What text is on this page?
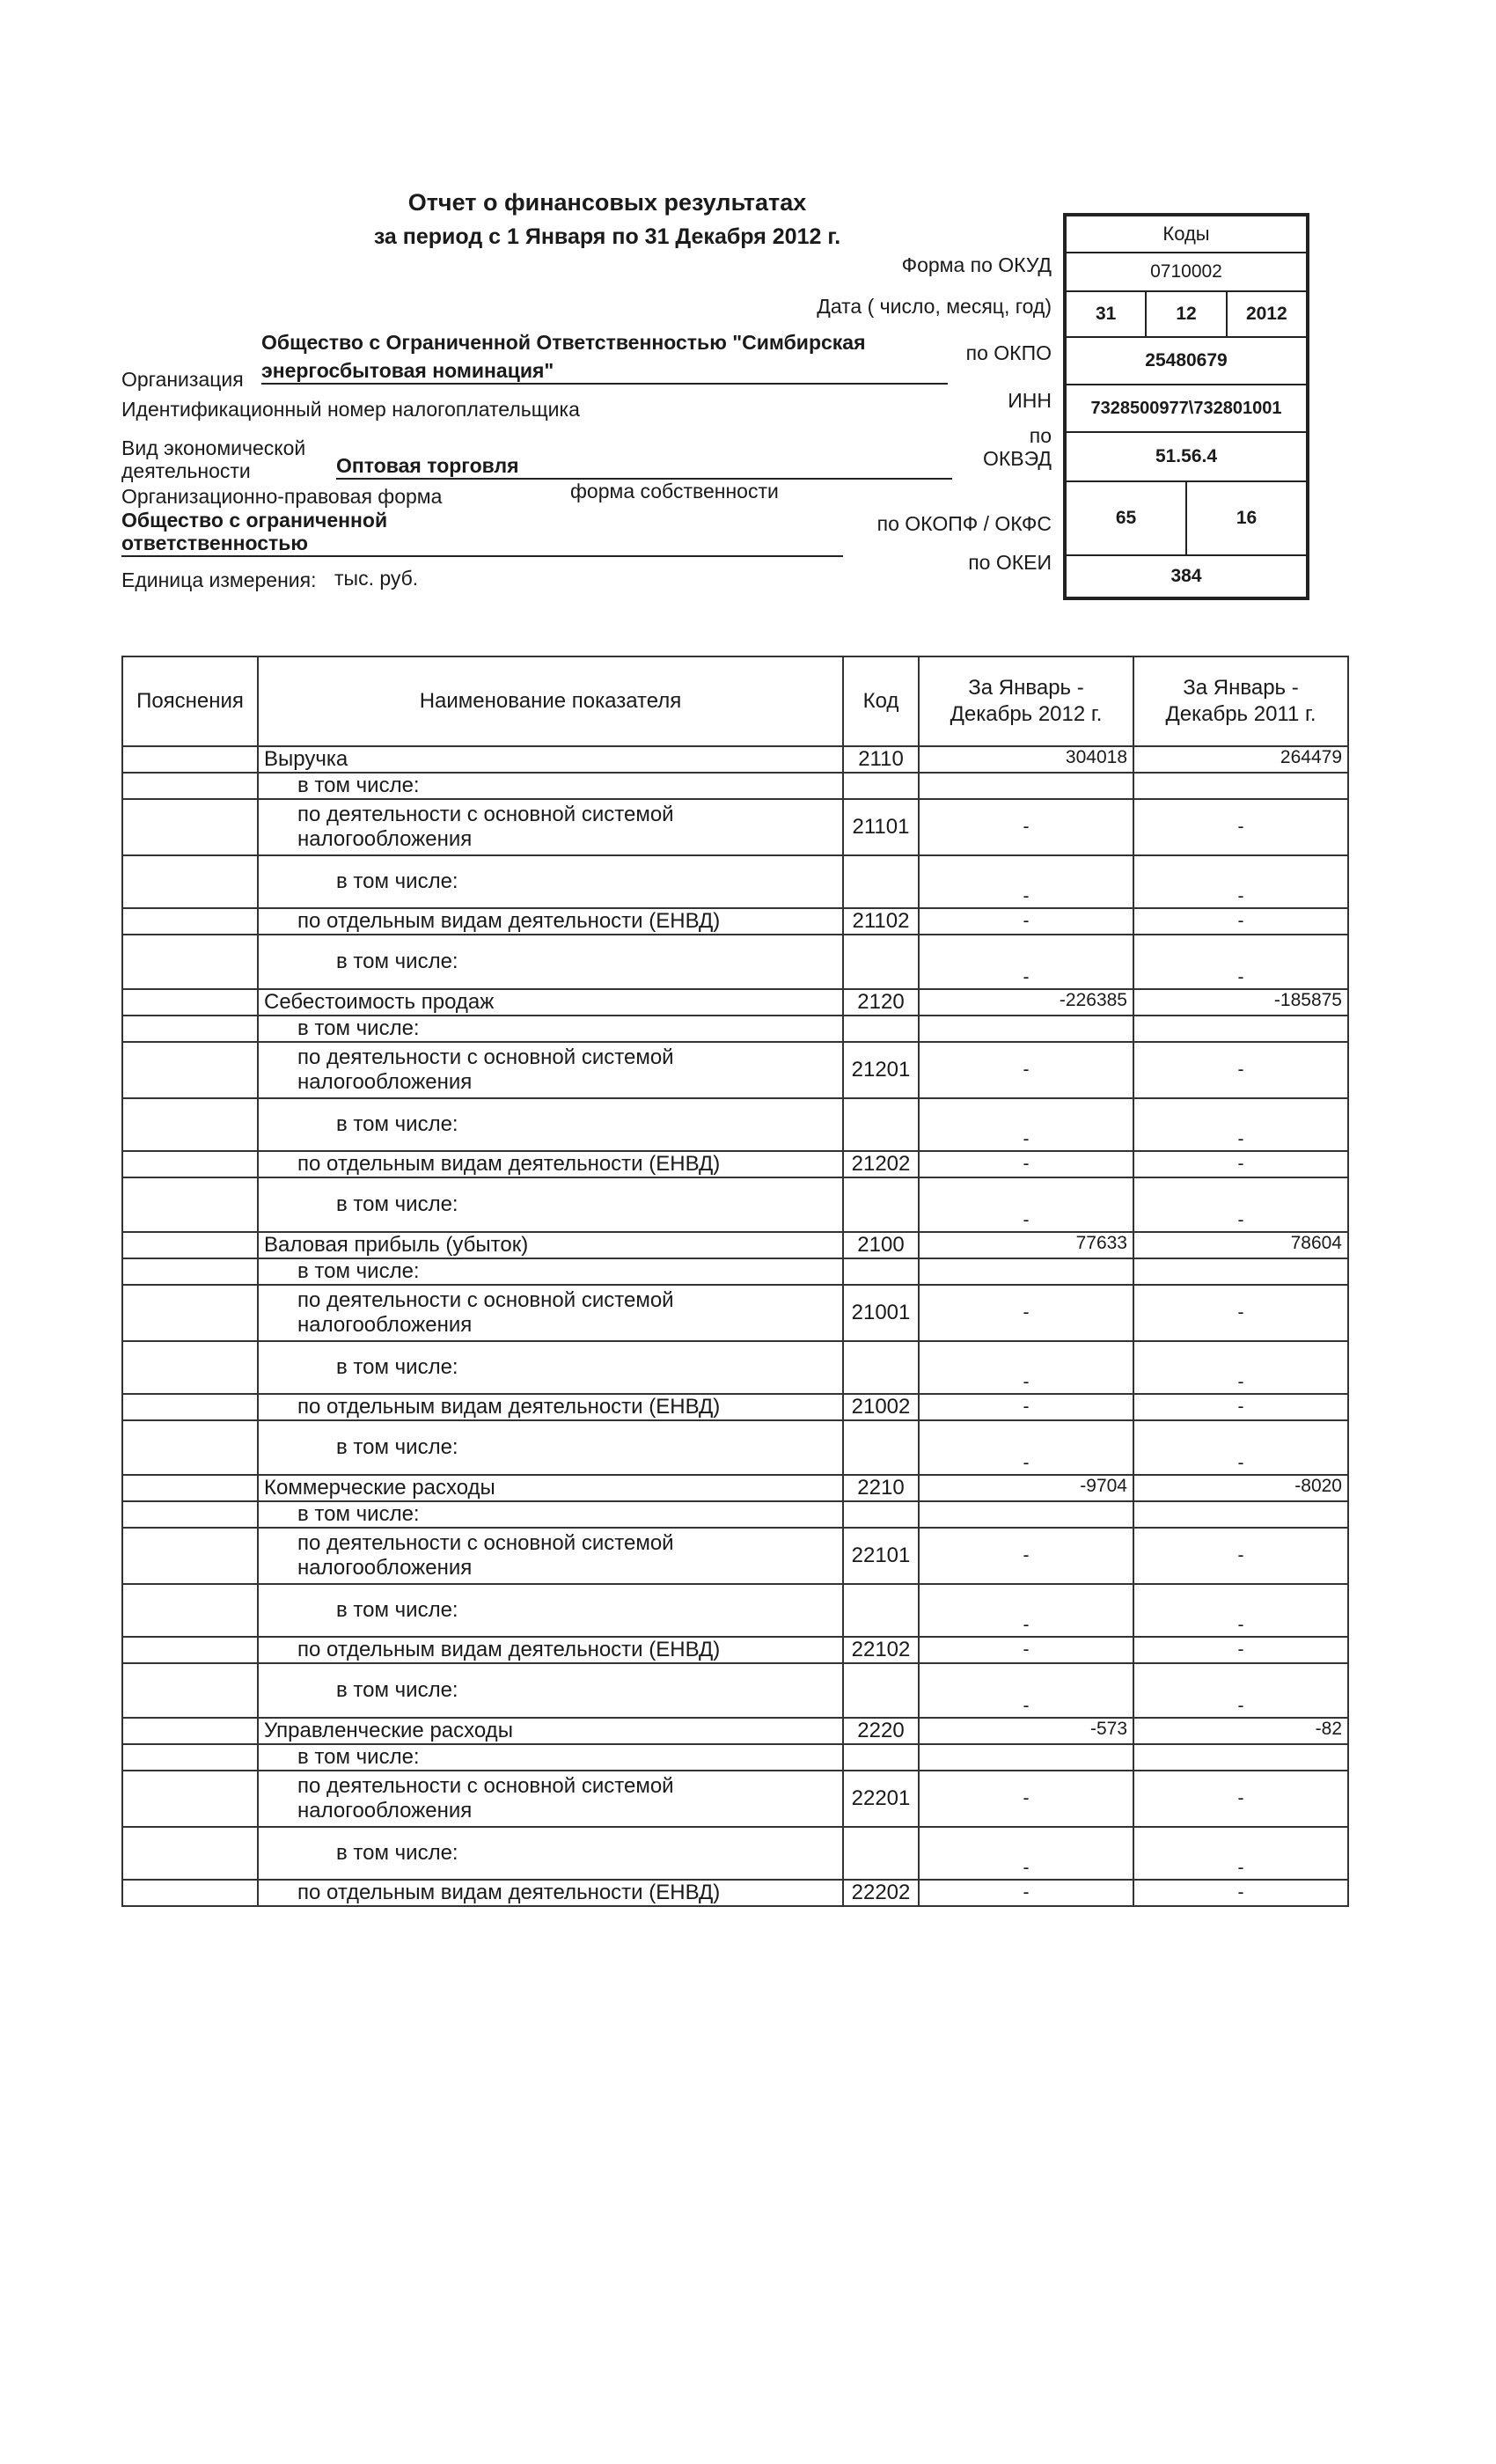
Отчет о финансовых результатах
за период с 1 Января по 31 Декабря 2012 г.
Форма по ОКУД
Дата ( число, месяц, год)
по ОКПО
ИНН
по
ОКВЭД
по ОКОПФ / ОКФС
по ОКЕИ
Коды
0710002
31	12	2012
25480679
7328500977\732801001
51.56.4
65	16
384
Общество с Ограниченной Ответственностью "Симбирская
Организация энергосбытовая номинация"
Идентификационный номер налогоплательщика
Вид экономической
деятельности	Оптовая торговля
Организационно-правовая форма	форма собственности
Общество с ограниченной
ответственностью
Единица измерения: тыс. руб.
Пояснения	Наименование показателя	Код	За Январь - Декабрь 2012 г.	За Январь - Декабрь 2011 г.
	Выручка	2110	304018	264479
	в том числе:			
	по деятельности с основной системой налогообложения	21101	-	-
	в том числе:		-	-
	по отдельным видам деятельности (ЕНВД)	21102	-	-
	в том числе:		-	-
	Себестоимость продаж	2120	-226385	-185875
	в том числе:			
	по деятельности с основной системой налогообложения	21201	-	-
	в том числе:		-	-
	по отдельным видам деятельности (ЕНВД)	21202	-	-
	в том числе:		-	-
	Валовая прибыль (убыток)	2100	77633	78604
	в том числе:			
	по деятельности с основной системой налогообложения	21001	-	-
	в том числе:		-	-
	по отдельным видам деятельности (ЕНВД)	21002	-	-
	в том числе:		-	-
	Коммерческие расходы	2210	-9704	-8020
	в том числе:			
	по деятельности с основной системой налогообложения	22101	-	-
	в том числе:		-	-
	по отдельным видам деятельности (ЕНВД)	22102	-	-
	в том числе:		-	-
	Управленческие расходы	2220	-573	-82
	в том числе:			
	по деятельности с основной системой налогообложения	22201	-	-
	в том числе:		-	-
	по отдельным видам деятельности (ЕНВД)	22202	-	-
